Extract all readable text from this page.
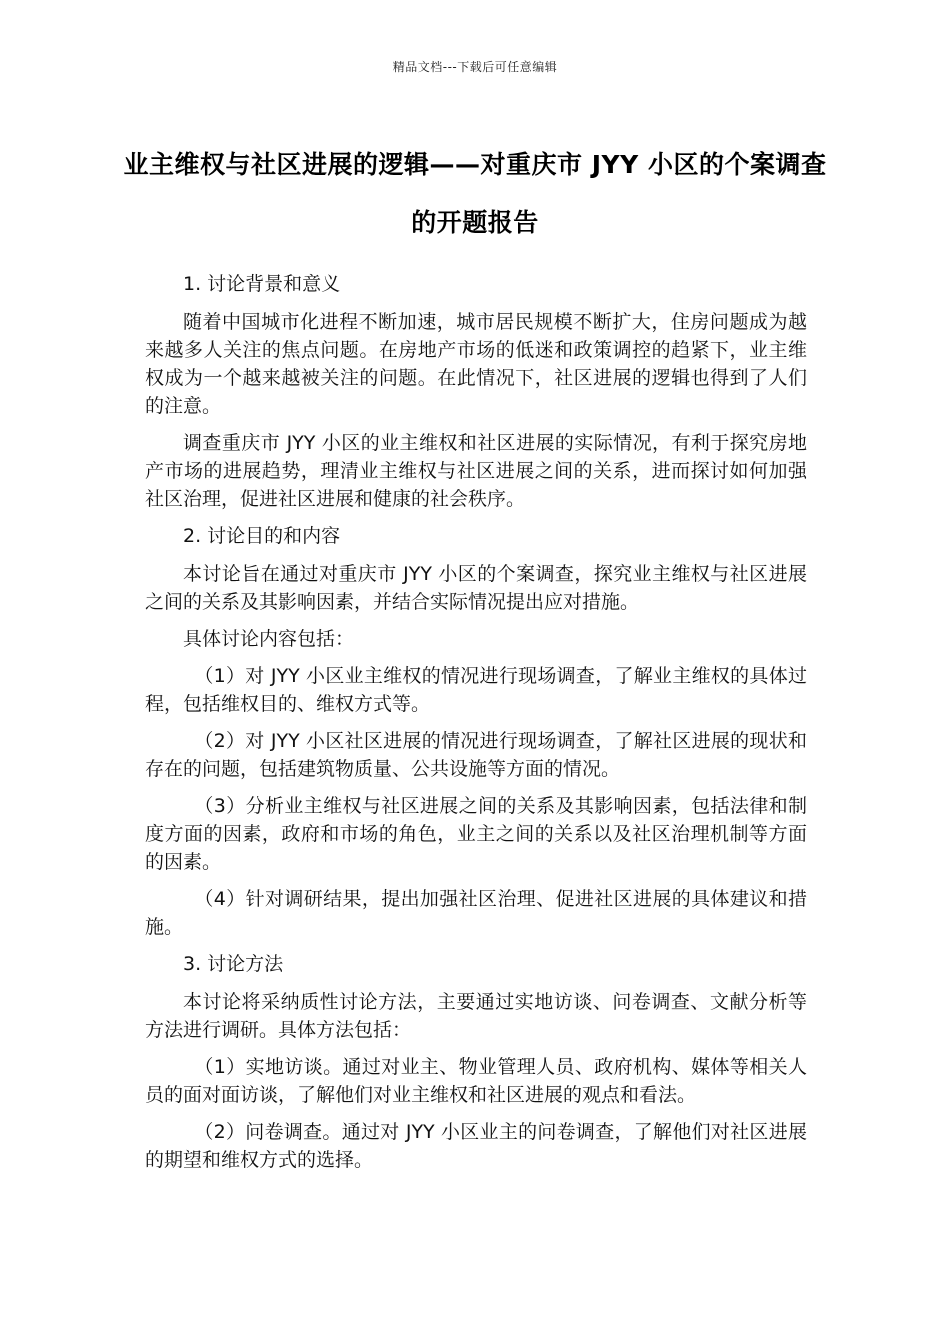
精品文档---下载后可任意编辑
业主维权与社区进展的逻辑——对重庆市 JYY 小区的个案调查的开题报告

1. 讨论背景和意义

随着中国城市化进程不断加速，城市居民规模不断扩大，住房问题成为越来越多人关注的焦点问题。在房地产市场的低迷和政策调控的趋紧下，业主维权成为一个越来越被关注的问题。在此情况下，社区进展的逻辑也得到了人们的注意。

调查重庆市 JYY 小区的业主维权和社区进展的实际情况，有利于探究房地产市场的进展趋势，理清业主维权与社区进展之间的关系，进而探讨如何加强社区治理，促进社区进展和健康的社会秩序。

2. 讨论目的和内容

本讨论旨在通过对重庆市 JYY 小区的个案调查，探究业主维权与社区进展之间的关系及其影响因素，并结合实际情况提出应对措施。

具体讨论内容包括：

（1）对 JYY 小区业主维权的情况进行现场调查，了解业主维权的具体过程，包括维权目的、维权方式等。

（2）对 JYY 小区社区进展的情况进行现场调查，了解社区进展的现状和存在的问题，包括建筑物质量、公共设施等方面的情况。

（3）分析业主维权与社区进展之间的关系及其影响因素，包括法律和制度方面的因素，政府和市场的角色，业主之间的关系以及社区治理机制等方面的因素。

（4）针对调研结果，提出加强社区治理、促进社区进展的具体建议和措施。

3. 讨论方法

本讨论将采纳质性讨论方法，主要通过实地访谈、问卷调查、文献分析等方法进行调研。具体方法包括：

（1）实地访谈。通过对业主、物业管理人员、政府机构、媒体等相关人员的面对面访谈，了解他们对业主维权和社区进展的观点和看法。

（2）问卷调查。通过对 JYY 小区业主的问卷调查，了解他们对社区进展的期望和维权方式的选择。
